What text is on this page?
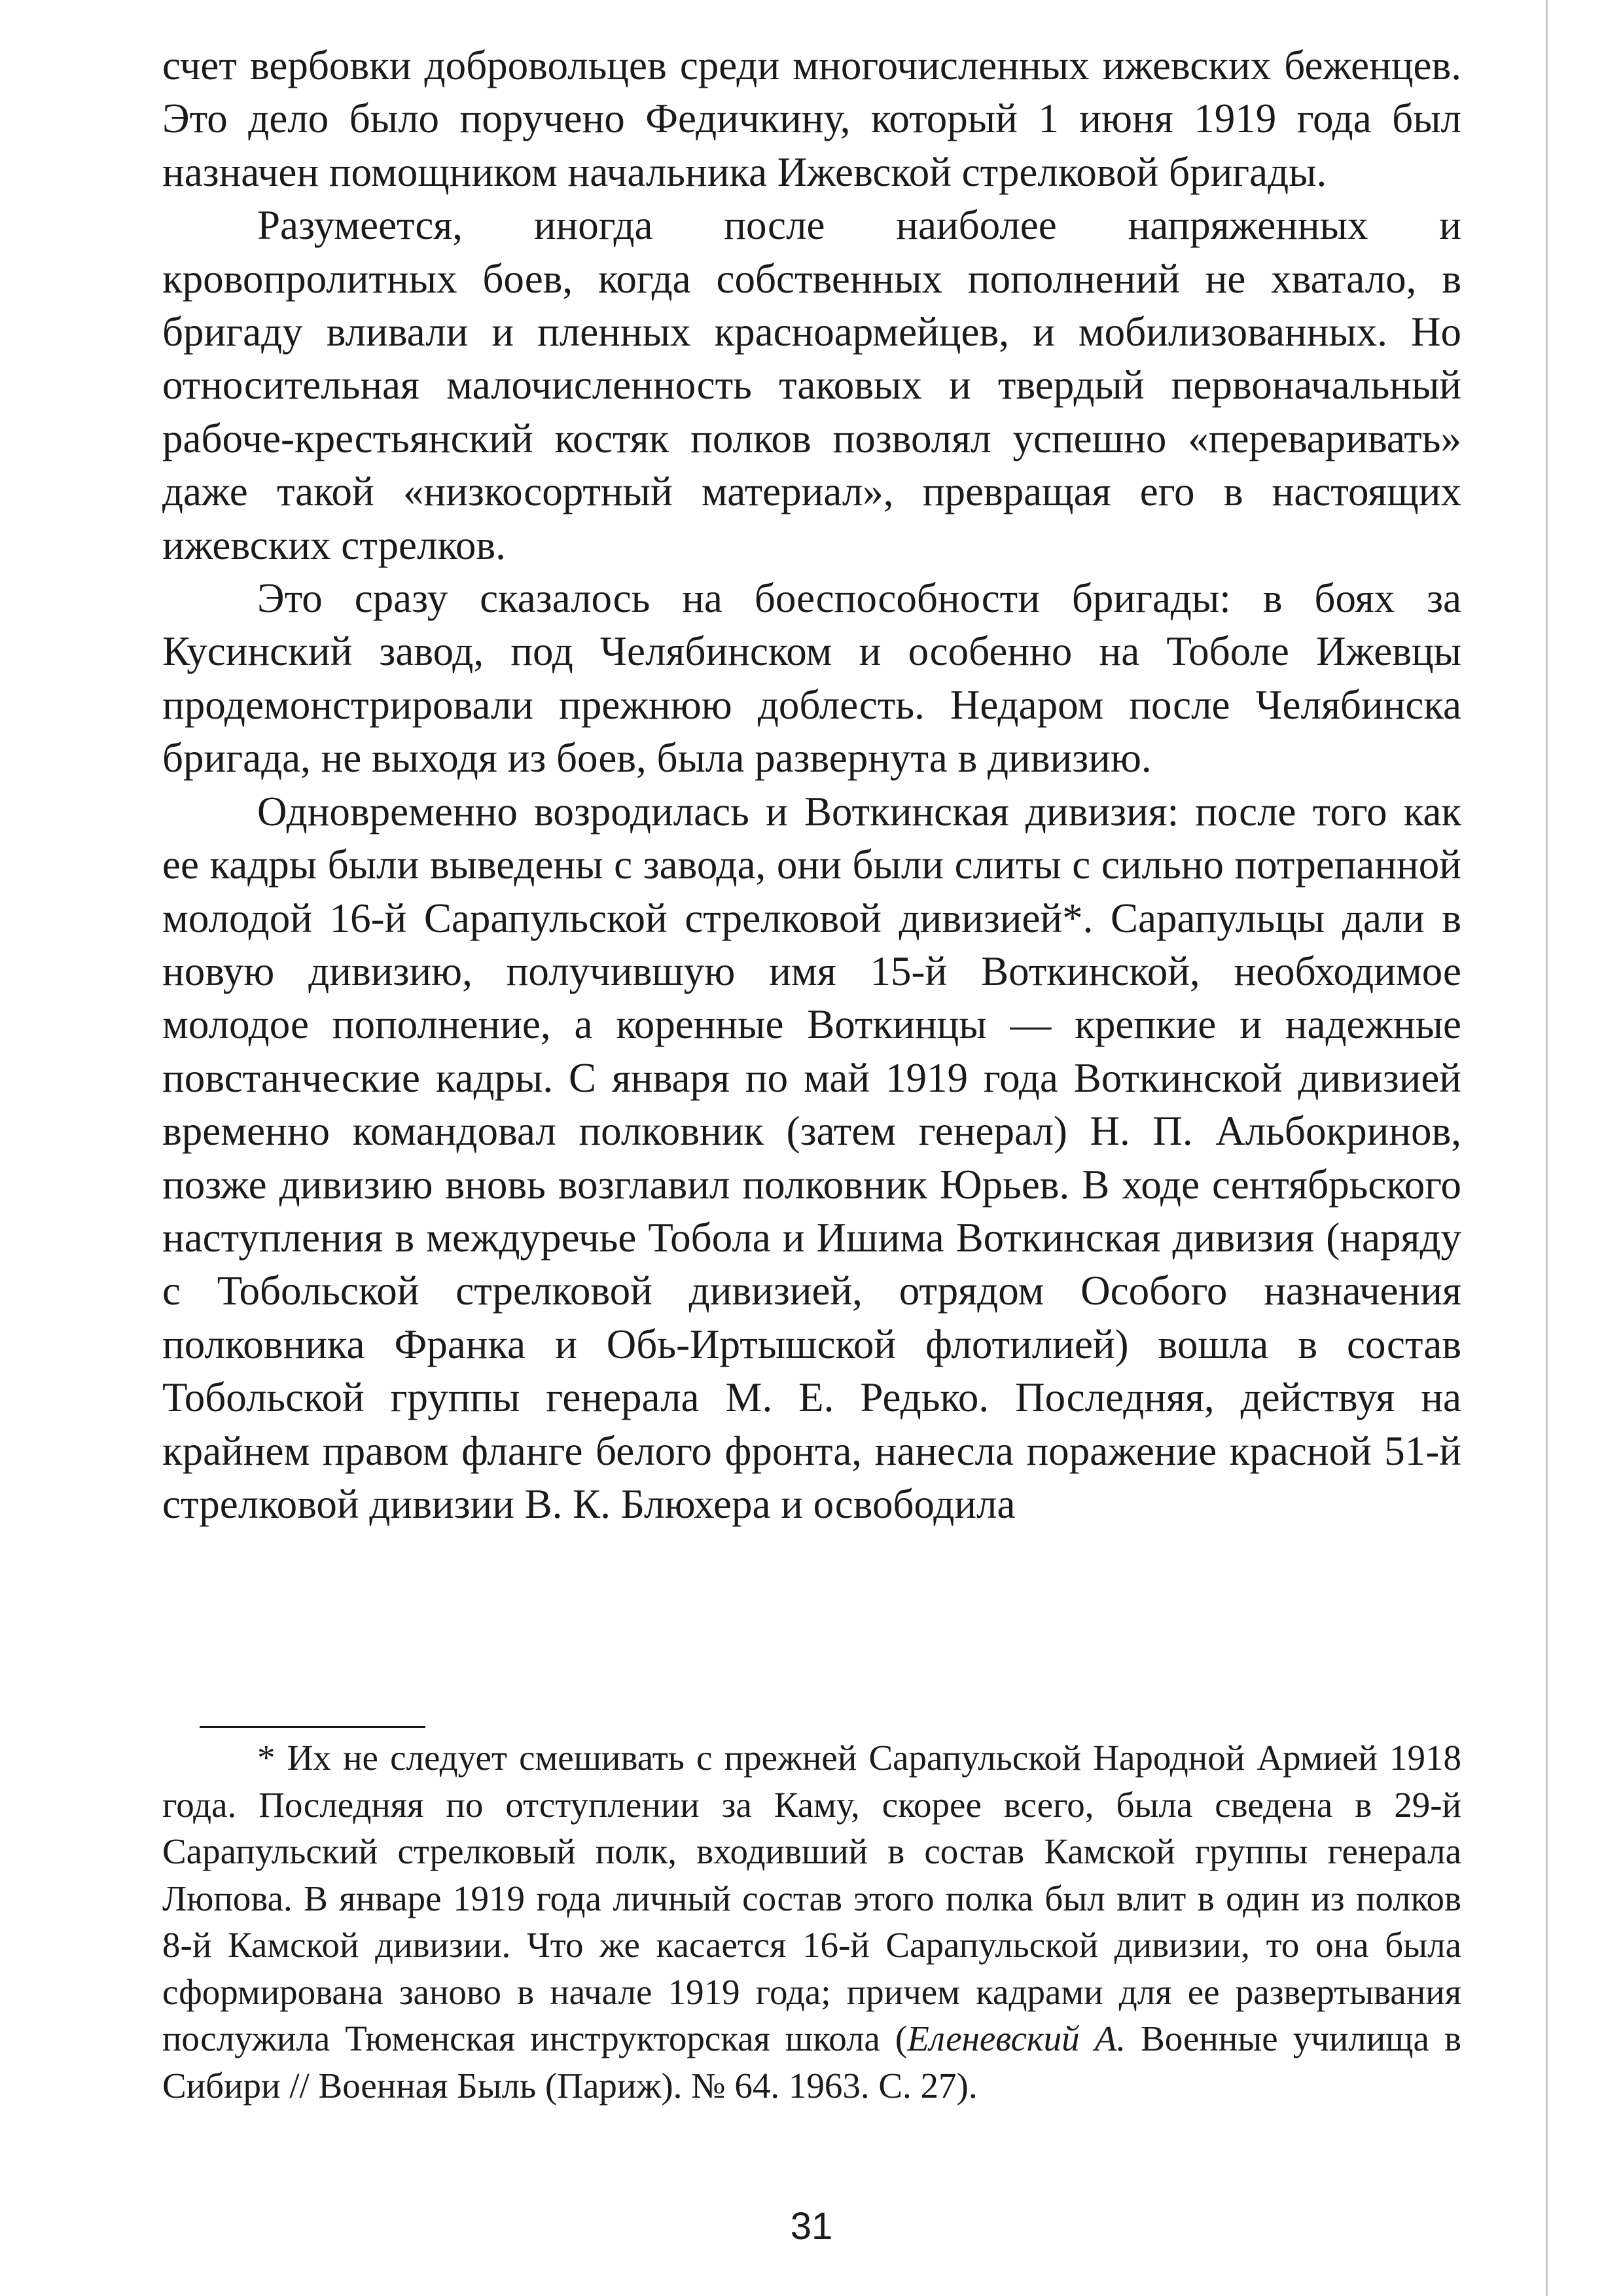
счет вербовки добровольцев среди многочисленных ижевских беженцев. Это дело было поручено Федичкину, который 1 июня 1919 года был назначен помощником начальника Ижевской стрелковой бригады.

Разумеется, иногда после наиболее напряженных и кровопролитных боев, когда собственных пополнений не хватало, в бригаду вливали и пленных красноармейцев, и мобилизованных. Но относительная малочисленность таковых и твердый первоначальный рабоче-крестьянский костяк полков позволял успешно «переваривать» даже такой «низкосортный материал», превращая его в настоящих ижевских стрелков.

Это сразу сказалось на боеспособности бригады: в боях за Кусинский завод, под Челябинском и особенно на Тоболе Ижевцы продемонстрировали прежнюю доблесть. Недаром после Челябинска бригада, не выходя из боев, была развернута в дивизию.

Одновременно возродилась и Воткинская дивизия: после того как ее кадры были выведены с завода, они были слиты с сильно потрепанной молодой 16-й Сарапульской стрелковой дивизией*. Сарапульцы дали в новую дивизию, получившую имя 15-й Воткинской, необходимое молодое пополнение, а коренные Воткинцы — крепкие и надежные повстанческие кадры. С января по май 1919 года Воткинской дивизией временно командовал полковник (затем генерал) Н. П. Альбокринов, позже дивизию вновь возглавил полковник Юрьев. В ходе сентябрьского наступления в междуречье Тобола и Ишима Воткинская дивизия (наряду с Тобольской стрелковой дивизией, отрядом Особого назначения полковника Франка и Обь-Иртышской флотилией) вошла в состав Тобольской группы генерала М. Е. Редько. Последняя, действуя на крайнем правом фланге белого фронта, нанесла поражение красной 51-й стрелковой дивизии В. К. Блюхера и освободила

* Их не следует смешивать с прежней Сарапульской Народной Армией 1918 года. Последняя по отступлении за Каму, скорее всего, была сведена в 29-й Сарапульский стрелковый полк, входивший в состав Камской группы генерала Люпова. В январе 1919 года личный состав этого полка был влит в один из полков 8-й Камской дивизии. Что же касается 16-й Сарапульской дивизии, то она была сформирована заново в начале 1919 года; причем кадрами для ее развертывания послужила Тюменская инструкторская школа (Еленевский А. Военные училища в Сибири // Военная Быль (Париж). № 64. 1963. С. 27).

31
